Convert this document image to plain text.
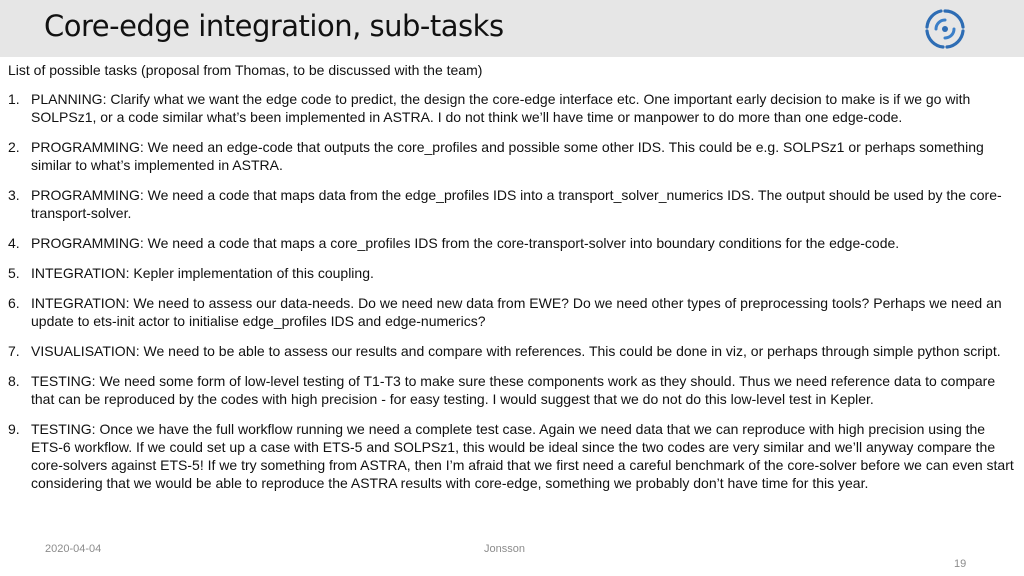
Core-edge integration, sub-tasks

List of possible tasks (proposal from Thomas, to be discussed with the team)

1. PLANNING: Clarify what we want the edge code to predict, the design the core-edge interface etc. One important early decision to make is if we go with SOLPSz1, or a code similar what’s been implemented in ASTRA. I do not think we’ll have time or manpower to do more than one edge-code.
2. PROGRAMMING: We need an edge-code that outputs the core_profiles and possible some other IDS. This could be e.g. SOLPSz1 or perhaps something similar to what’s implemented in ASTRA.
3. PROGRAMMING: We need a code that maps data from the edge_profiles IDS into a transport_solver_numerics IDS. The output should be used by the core-transport-solver.
4. PROGRAMMING: We need a code that maps a core_profiles IDS from the core-transport-solver into boundary conditions for the edge-code.
5. INTEGRATION: Kepler implementation of this coupling.
6. INTEGRATION: We need to assess our data-needs. Do we need new data from EWE? Do we need other types of preprocessing tools? Perhaps we need an update to ets-init actor to initialise edge_profiles IDS and edge-numerics?
7. VISUALISATION: We need to be able to assess our results and compare with references. This could be done in viz, or perhaps through simple python script.
8. TESTING: We need some form of low-level testing of T1-T3 to make sure these components work as they should. Thus we need reference data to compare that can be reproduced by the codes with high precision - for easy testing. I would suggest that we do not do this low-level test in Kepler.
9. TESTING: Once we have the full workflow running we need a complete test case. Again we need data that we can reproduce with high precision using the ETS-6 workflow. If we could set up a case with ETS-5 and SOLPSz1, this would be ideal since the two codes are very similar and we’ll anyway compare the core-solvers against ETS-5! If we try something from ASTRA, then I’m afraid that we first need a careful benchmark of the core-solver before we can even start considering that we would be able to reproduce the ASTRA results with core-edge, something we probably don’t have time for this year.
2020-04-04	Jonsson
19
